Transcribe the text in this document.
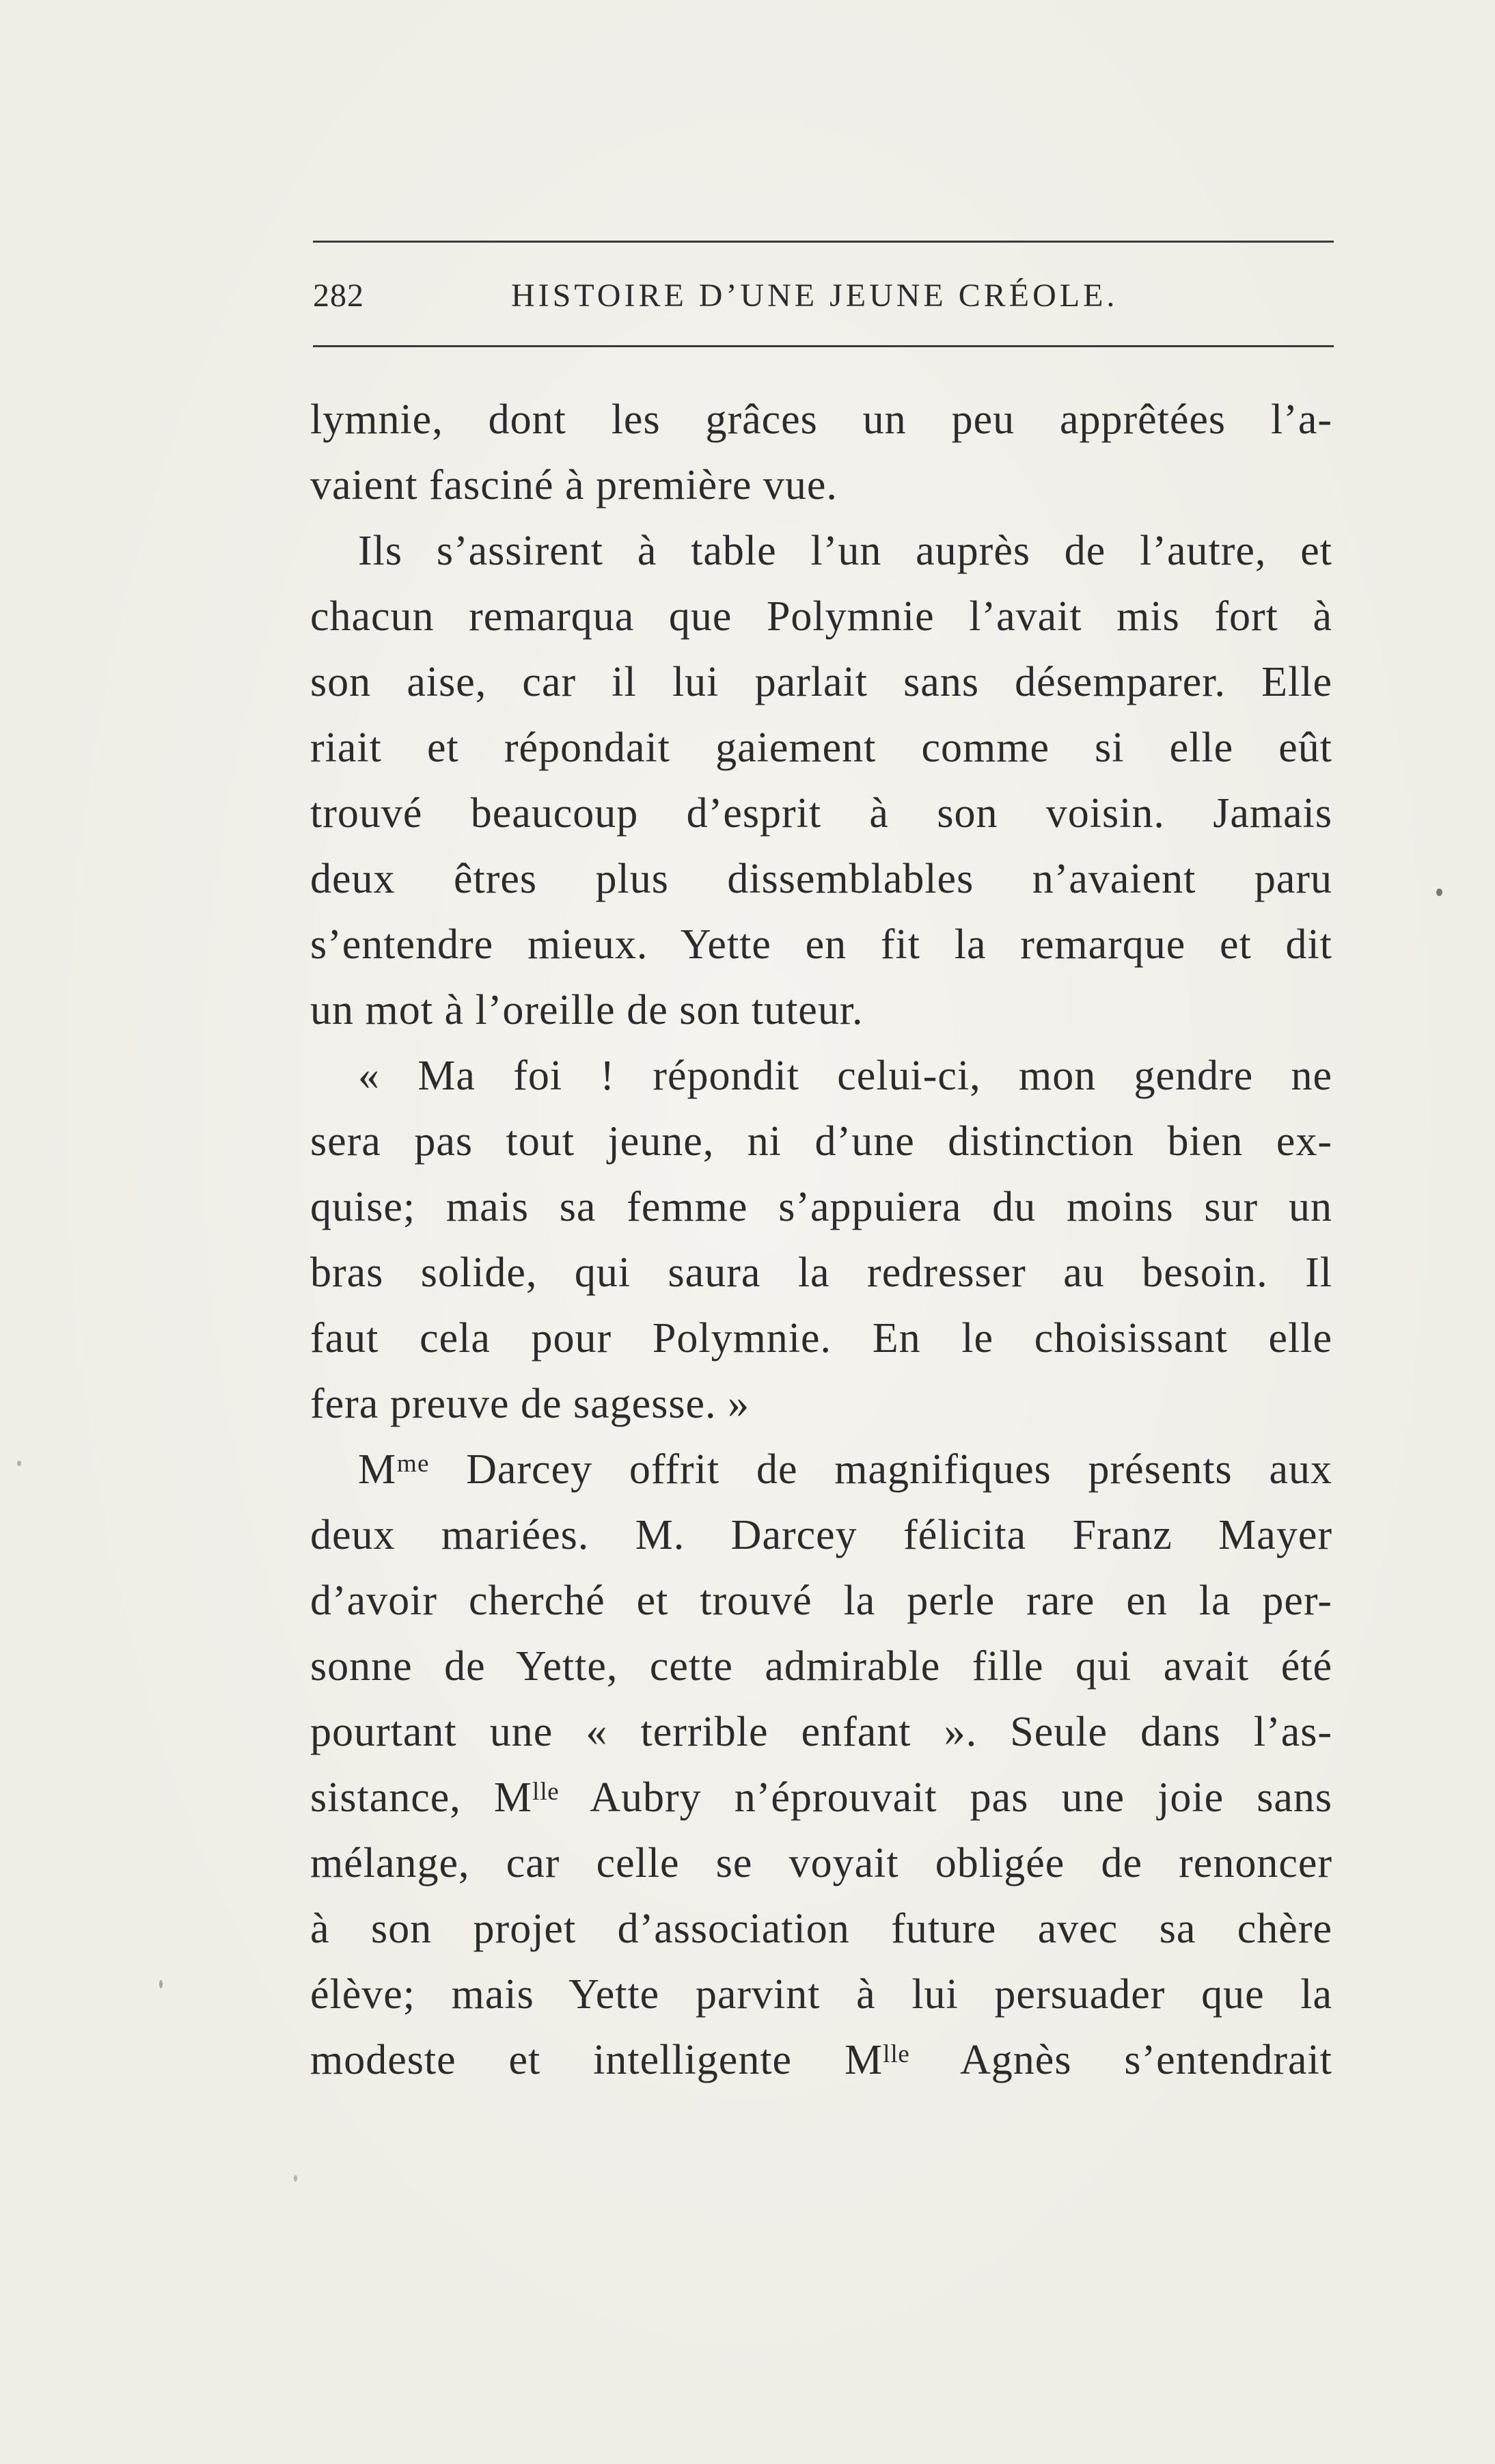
282	HISTOIRE D’UNE JEUNE CRÉOLE.
lymnie, dont les grâces un peu apprêtées l’a-
vaient fasciné à première vue.
Ils s’assirent à table l’un auprès de l’autre, et
chacun remarqua que Polymnie l’avait mis fort à
son aise, car il lui parlait sans désemparer. Elle
riait et répondait gaiement comme si elle eût
trouvé beaucoup d’esprit à son voisin. Jamais
deux êtres plus dissemblables n’avaient paru
s’entendre mieux. Yette en fit la remarque et dit
un mot à l’oreille de son tuteur.
« Ma foi ! répondit celui-ci, mon gendre ne
sera pas tout jeune, ni d’une distinction bien ex-
quise; mais sa femme s’appuiera du moins sur un
bras solide, qui saura la redresser au besoin. Il
faut cela pour Polymnie. En le choisissant elle
fera preuve de sagesse. »
Mᵐᵉ Darcey offrit de magnifiques présents aux
deux mariées. M. Darcey félicita Franz Mayer
d’avoir cherché et trouvé la perle rare en la per-
sonne de Yette, cette admirable fille qui avait été
pourtant une « terrible enfant ». Seule dans l’as-
sistance, Mˡˡᵉ Aubry n’éprouvait pas une joie sans
mélange, car celle se voyait obligée de renoncer
à son projet d’association future avec sa chère
élève; mais Yette parvint à lui persuader que la
modeste et intelligente Mˡˡᵉ Agnès s’entendrait
